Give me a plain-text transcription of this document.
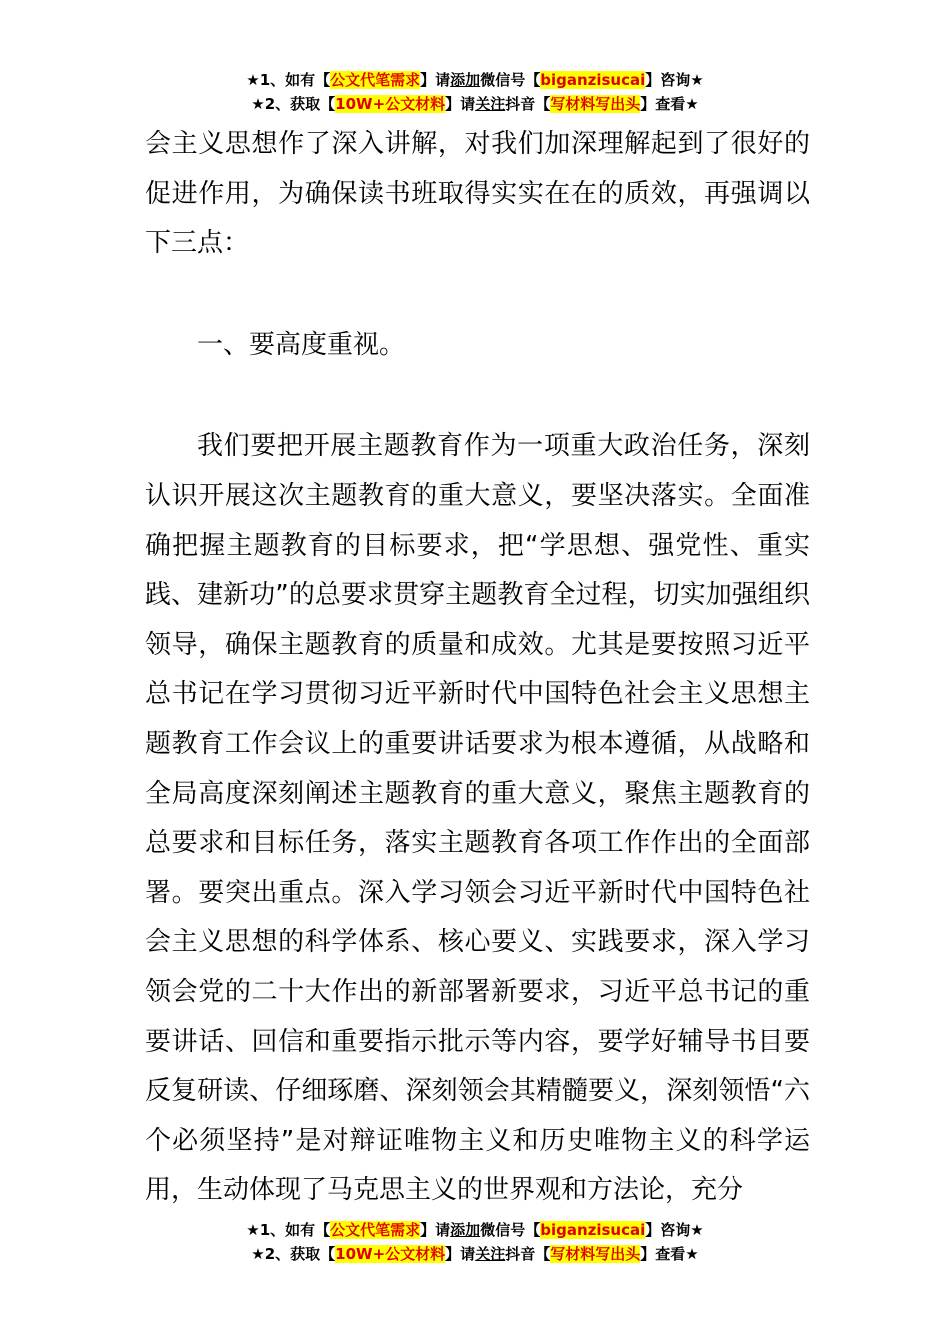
★1、如有【公文代笔需求】请添加微信号【biganzisucai】咨询★
★2、获取【10W+公文材料】请关注抖音【写材料写出头】查看★

会主义思想作了深入讲解，对我们加深理解起到了很好的促进作用，为确保读书班取得实实在在的质效，再强调以下三点：

一、要高度重视。

我们要把开展主题教育作为一项重大政治任务，深刻认识开展这次主题教育的重大意义，要坚决落实。全面准确把握主题教育的目标要求，把“学思想、强党性、重实践、建新功”的总要求贯穿主题教育全过程，切实加强组织领导，确保主题教育的质量和成效。尤其是要按照习近平总书记在学习贯彻习近平新时代中国特色社会主义思想主题教育工作会议上的重要讲话要求为根本遵循，从战略和全局高度深刻阐述主题教育的重大意义，聚焦主题教育的总要求和目标任务，落实主题教育各项工作作出的全面部署。要突出重点。深入学习领会习近平新时代中国特色社会主义思想的科学体系、核心要义、实践要求，深入学习领会党的二十大作出的新部署新要求，习近平总书记的重要讲话、回信和重要指示批示等内容，要学好辅导书目要反复研读、仔细琢磨、深刻领会其精髓要义，深刻领悟“六个必须坚持”是对辩证唯物主义和历史唯物主义的科学运用，生动体现了马克思主义的世界观和方法论，充分

★1、如有【公文代笔需求】请添加微信号【biganzisucai】咨询★
★2、获取【10W+公文材料】请关注抖音【写材料写出头】查看★
